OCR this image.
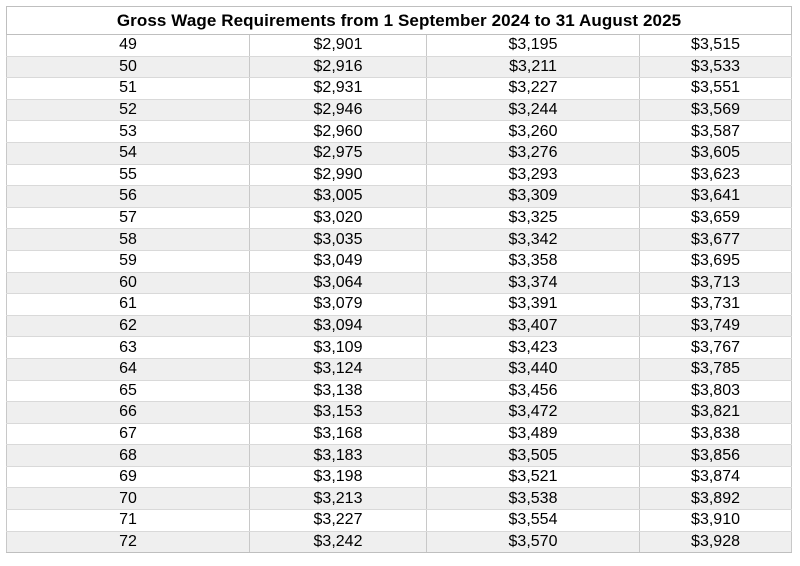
Gross Wage Requirements from 1 September 2024 to 31 August 2025			
49	$2,901	$3,195	$3,515
50	$2,916	$3,211	$3,533
51	$2,931	$3,227	$3,551
52	$2,946	$3,244	$3,569
53	$2,960	$3,260	$3,587
54	$2,975	$3,276	$3,605
55	$2,990	$3,293	$3,623
56	$3,005	$3,309	$3,641
57	$3,020	$3,325	$3,659
58	$3,035	$3,342	$3,677
59	$3,049	$3,358	$3,695
60	$3,064	$3,374	$3,713
61	$3,079	$3,391	$3,731
62	$3,094	$3,407	$3,749
63	$3,109	$3,423	$3,767
64	$3,124	$3,440	$3,785
65	$3,138	$3,456	$3,803
66	$3,153	$3,472	$3,821
67	$3,168	$3,489	$3,838
68	$3,183	$3,505	$3,856
69	$3,198	$3,521	$3,874
70	$3,213	$3,538	$3,892
71	$3,227	$3,554	$3,910
72	$3,242	$3,570	$3,928
